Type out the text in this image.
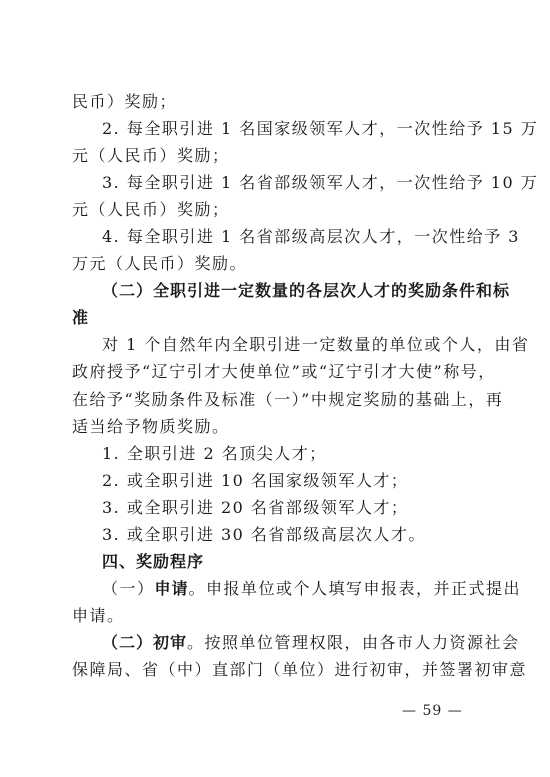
民币）奖励；
2. 每全职引进 1 名国家级领军人才，一次性给予 15 万
元（人民币）奖励；
3. 每全职引进 1 名省部级领军人才，一次性给予 10 万
元（人民币）奖励；
4. 每全职引进 1 名省部级高层次人才，一次性给予 3
万元（人民币）奖励。
（二）全职引进一定数量的各层次人才的奖励条件和标
准
对 1 个自然年内全职引进一定数量的单位或个人，由省
政府授予“辽宁引才大使单位”或“辽宁引才大使”称号，
在给予“奖励条件及标准（一）”中规定奖励的基础上，再
适当给予物质奖励。
1. 全职引进 2 名顶尖人才；
2. 或全职引进 10 名国家级领军人才；
3. 或全职引进 20 名省部级领军人才；
3. 或全职引进 30 名省部级高层次人才。
四、奖励程序
（一）申请。申报单位或个人填写申报表，并正式提出
申请。
（二）初审。按照单位管理权限，由各市人力资源社会
保障局、省（中）直部门（单位）进行初审，并签署初审意
— 59 —
